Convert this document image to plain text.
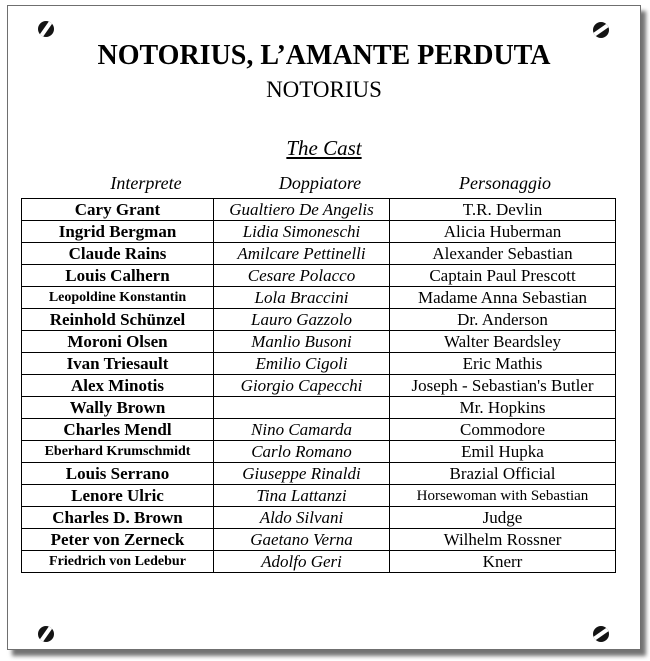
NOTORIUS, L’AMANTE PERDUTA
NOTORIUS
The Cast
Interprete	Doppiatore	Personaggio
Cary Grant	Gualtiero De Angelis	T.R. Devlin
Ingrid Bergman	Lidia Simoneschi	Alicia Huberman
Claude Rains	Amilcare Pettinelli	Alexander Sebastian
Louis Calhern	Cesare Polacco	Captain Paul Prescott
Leopoldine Konstantin	Lola Braccini	Madame Anna Sebastian
Reinhold Schünzel	Lauro Gazzolo	Dr. Anderson
Moroni Olsen	Manlio Busoni	Walter Beardsley
Ivan Triesault	Emilio Cigoli	Eric Mathis
Alex Minotis	Giorgio Capecchi	Joseph - Sebastian's Butler
Wally Brown		Mr. Hopkins
Charles Mendl	Nino Camarda	Commodore
Eberhard Krumschmidt	Carlo Romano	Emil Hupka
Louis Serrano	Giuseppe Rinaldi	Brazial Official
Lenore Ulric	Tina Lattanzi	Horsewoman with Sebastian
Charles D. Brown	Aldo Silvani	Judge
Peter von Zerneck	Gaetano Verna	Wilhelm Rossner
Friedrich von Ledebur	Adolfo Geri	Knerr
